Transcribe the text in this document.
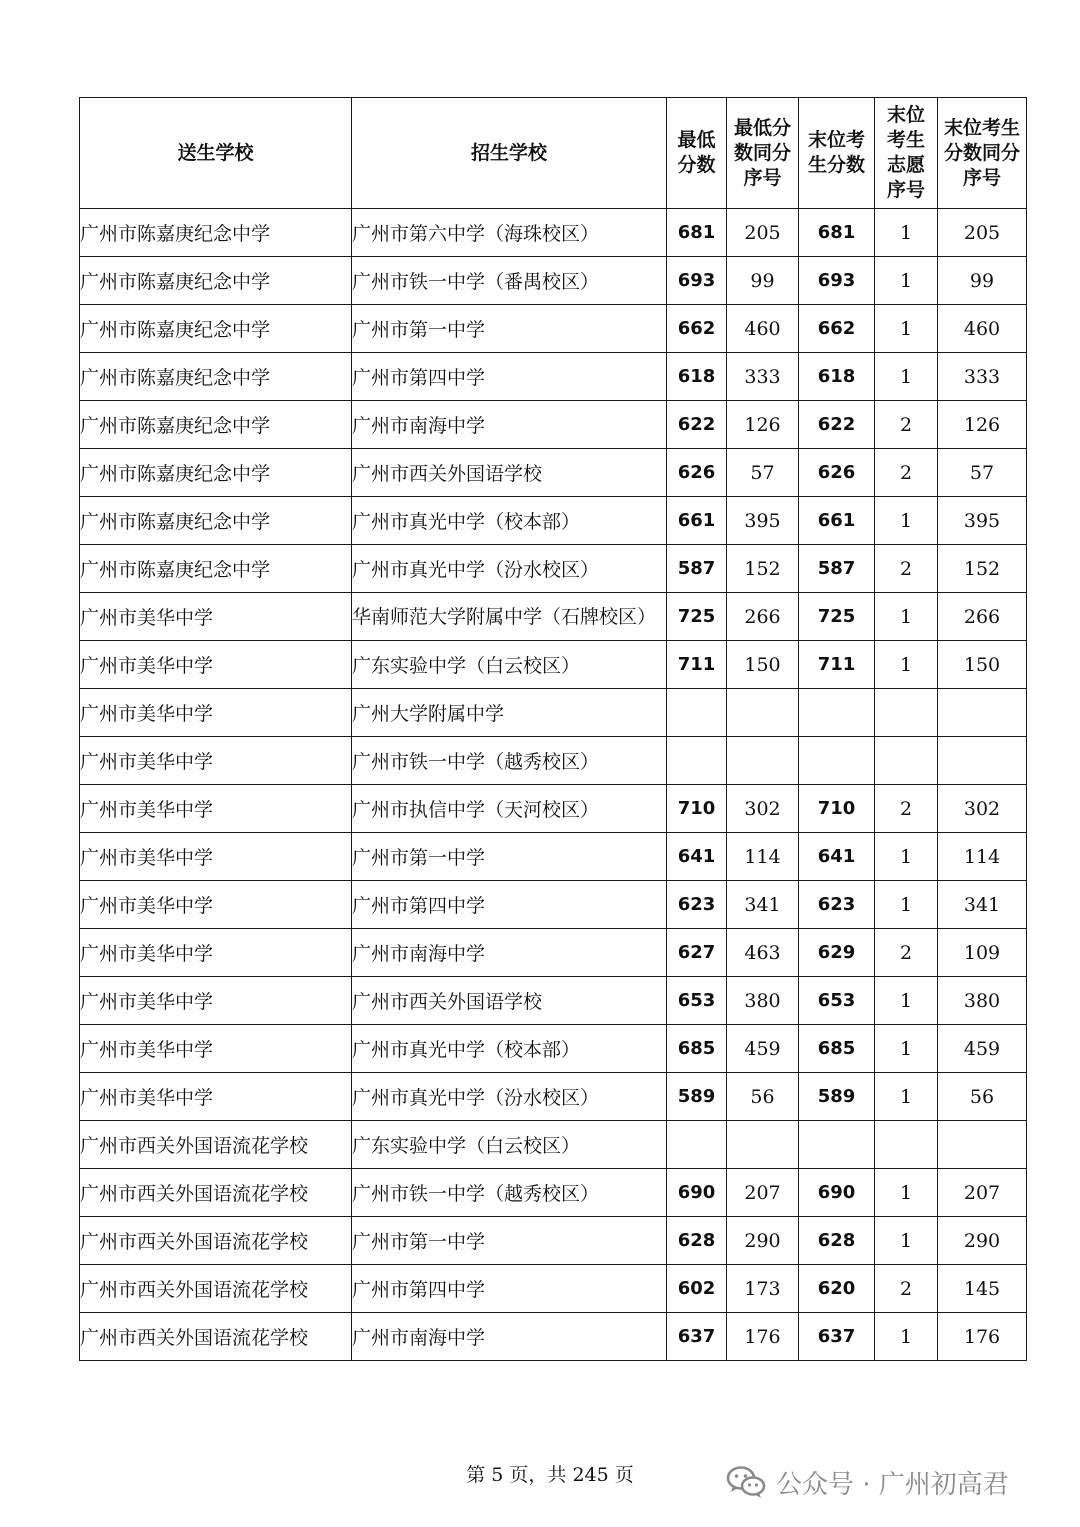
送生学校	招生学校	最低分数	最低分数同分序号	末位考生分数	末位考生志愿序号	末位考生分数同分序号
广州市陈嘉庚纪念中学	广州市第六中学（海珠校区）	681	205	681	1	205
广州市陈嘉庚纪念中学	广州市铁一中学（番禺校区）	693	99	693	1	99
广州市陈嘉庚纪念中学	广州市第一中学	662	460	662	1	460
广州市陈嘉庚纪念中学	广州市第四中学	618	333	618	1	333
广州市陈嘉庚纪念中学	广州市南海中学	622	126	622	2	126
广州市陈嘉庚纪念中学	广州市西关外国语学校	626	57	626	2	57
广州市陈嘉庚纪念中学	广州市真光中学（校本部）	661	395	661	1	395
广州市陈嘉庚纪念中学	广州市真光中学（汾水校区）	587	152	587	2	152
广州市美华中学	华南师范大学附属中学（石牌校区）	725	266	725	1	266
广州市美华中学	广东实验中学（白云校区）	711	150	711	1	150
广州市美华中学	广州大学附属中学					
广州市美华中学	广州市铁一中学（越秀校区）					
广州市美华中学	广州市执信中学（天河校区）	710	302	710	2	302
广州市美华中学	广州市第一中学	641	114	641	1	114
广州市美华中学	广州市第四中学	623	341	623	1	341
广州市美华中学	广州市南海中学	627	463	629	2	109
广州市美华中学	广州市西关外国语学校	653	380	653	1	380
广州市美华中学	广州市真光中学（校本部）	685	459	685	1	459
广州市美华中学	广州市真光中学（汾水校区）	589	56	589	1	56
广州市西关外国语流花学校	广东实验中学（白云校区）					
广州市西关外国语流花学校	广州市铁一中学（越秀校区）	690	207	690	1	207
广州市西关外国语流花学校	广州市第一中学	628	290	628	1	290
广州市西关外国语流花学校	广州市第四中学	602	173	620	2	145
广州市西关外国语流花学校	广州市南海中学	637	176	637	1	176
第 5 页，共 245 页	公众号 · 广州初高君
